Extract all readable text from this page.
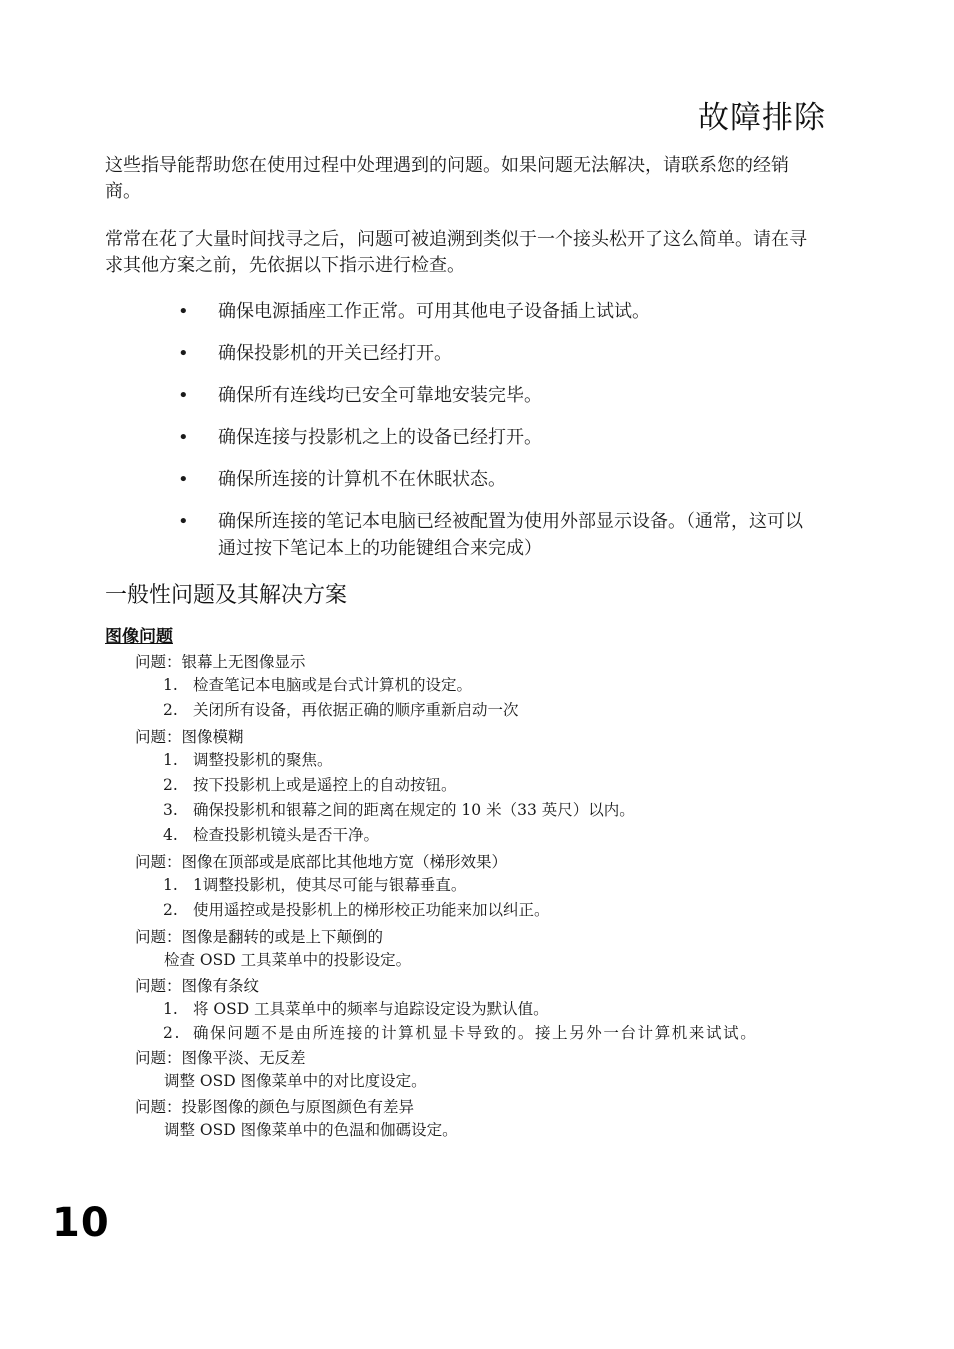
故障排除

这些指导能帮助您在使用过程中处理遇到的问题。如果问题无法解决，请联系您的经销商。

常常在花了大量时间找寻之后，问题可被追溯到类似于一个接头松开了这么简单。请在寻求其他方案之前，先依据以下指示进行检查。

•	确保电源插座工作正常。可用其他电子设备插上试试。
•	确保投影机的开关已经打开。
•	确保所有连线均已安全可靠地安装完毕。
•	确保连接与投影机之上的设备已经打开。
•	确保所连接的计算机不在休眠状态。
•	确保所连接的笔记本电脑已经被配置为使用外部显示设备。（通常，这可以通过按下笔记本上的功能键组合来完成）
一般性问题及其解决方案
图像问题
问题：银幕上无图像显示
1. 检查笔记本电脑或是台式计算机的设定。
2. 关闭所有设备，再依据正确的顺序重新启动一次
问题：图像模糊
1. 调整投影机的聚焦。
2. 按下投影机上或是遥控上的自动按钮。
3. 确保投影机和银幕之间的距离在规定的 10 米（33 英尺）以内。
4. 检查投影机镜头是否干净。
问题：图像在顶部或是底部比其他地方宽（梯形效果）
1. 1调整投影机，使其尽可能与银幕垂直。
2. 使用遥控或是投影机上的梯形校正功能来加以纠正。
问题：图像是翻转的或是上下颠倒的
检查 OSD 工具菜单中的投影设定。
问题：图像有条纹
1. 将 OSD 工具菜单中的频率与追踪设定设为默认值。
2. 确保问题不是由所连接的计算机显卡导致的。接上另外一台计算机来试试。
问题：图像平淡、无反差
调整 OSD 图像菜单中的对比度设定。
问题：投影图像的颜色与原图颜色有差异
调整 OSD 图像菜单中的色温和伽碼设定。
10
